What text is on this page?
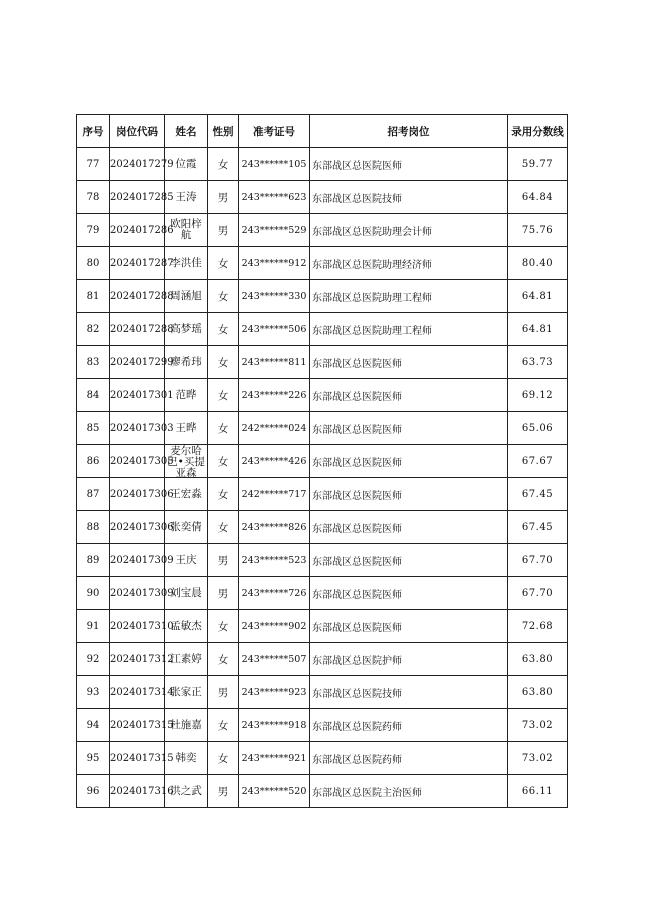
序号	岗位代码	姓名	性别	准考证号	招考岗位	录用分数线
77	2024017279	位霞	女	243******105	东部战区总医院医师	59.77
78	2024017285	王涛	男	243******623	东部战区总医院技师	64.84
79	2024017286	欧阳梓航	男	243******529	东部战区总医院助理会计师	75.76
80	2024017287	李洪佳	女	243******912	东部战区总医院助理经济师	80.40
81	2024017288	周涵旭	女	243******330	东部战区总医院助理工程师	64.81
82	2024017288	高梦瑶	女	243******506	东部战区总医院助理工程师	64.81
83	2024017299	廖希玮	女	243******811	东部战区总医院医师	63.73
84	2024017301	范晔	女	243******226	东部战区总医院医师	69.12
85	2024017303	王晔	女	242******024	东部战区总医院医师	65.06
86	2024017305	麦尔哈巴•买提亚森	女	243******426	东部战区总医院医师	67.67
87	2024017306	王宏淼	女	242******717	东部战区总医院医师	67.45
88	2024017306	张奕倩	女	243******826	东部战区总医院医师	67.45
89	2024017309	王庆	男	243******523	东部战区总医院医师	67.70
90	2024017309	刘宝晨	男	243******726	东部战区总医院医师	67.70
91	2024017310	孟敏杰	女	243******902	东部战区总医院医师	72.68
92	2024017312	江素婷	女	243******507	东部战区总医院护师	63.80
93	2024017314	张家正	男	243******923	东部战区总医院技师	63.80
94	2024017315	杜施嘉	女	243******918	东部战区总医院药师	73.02
95	2024017315	韩奕	女	243******921	东部战区总医院药师	73.02
96	2024017316	洪之武	男	243******520	东部战区总医院主治医师	66.11
